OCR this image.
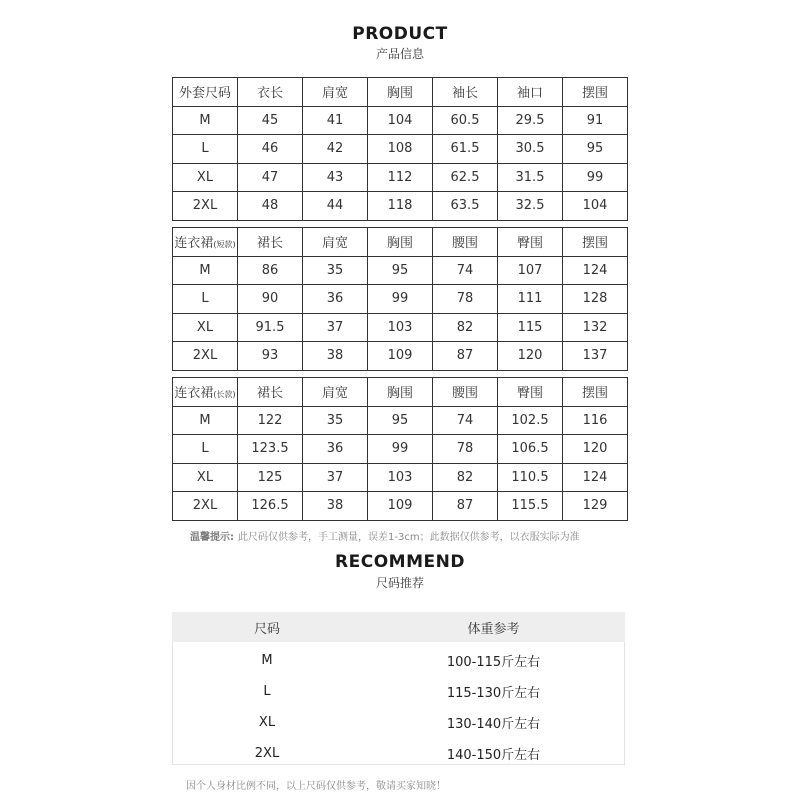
PRODUCT
产品信息
外套尺码	衣长	肩宽	胸围	袖长	袖口	摆围
M	45	41	104	60.5	29.5	91
L	46	42	108	61.5	30.5	95
XL	47	43	112	62.5	31.5	99
2XL	48	44	118	63.5	32.5	104
连衣裙(短款)	裙长	肩宽	胸围	腰围	臀围	摆围
M	86	35	95	74	107	124
L	90	36	99	78	111	128
XL	91.5	37	103	82	115	132
2XL	93	38	109	87	120	137
连衣裙(长款)	裙长	肩宽	胸围	腰围	臀围	摆围
M	122	35	95	74	102.5	116
L	123.5	36	99	78	106.5	120
XL	125	37	103	82	110.5	124
2XL	126.5	38	109	87	115.5	129
温馨提示: 此尺码仅供参考，手工测量，误差1-3cm；此数据仅供参考，以衣服实际为准
RECOMMEND
尺码推荐
尺码	体重参考
M	100-115斤左右
L	115-130斤左右
XL	130-140斤左右
2XL	140-150斤左右
因个人身材比例不同，以上尺码仅供参考，敬请买家知晓！
